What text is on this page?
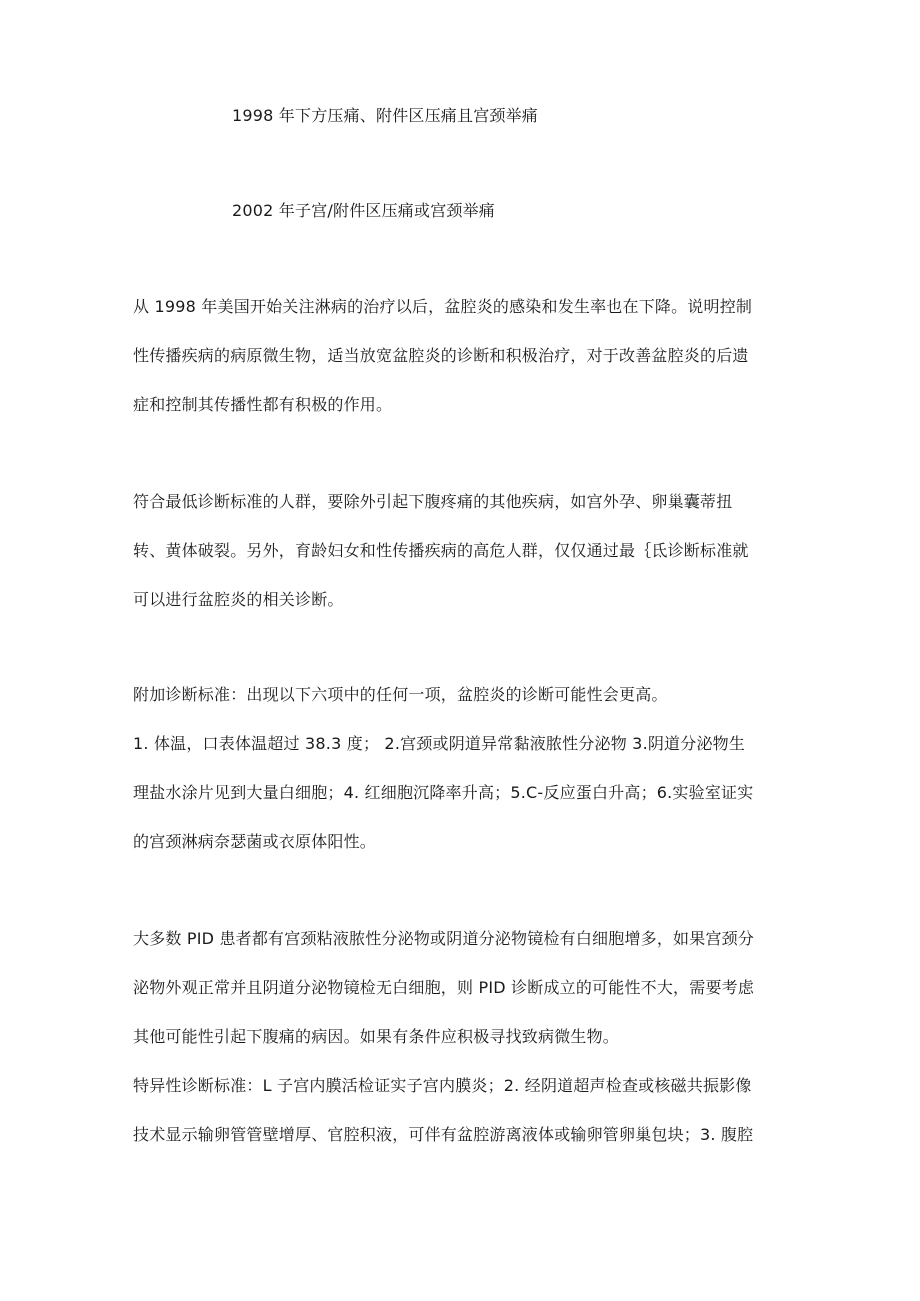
1998 年下方压痛、附件区压痛且宫颈举痛
2002 年子宫/附件区压痛或宫颈举痛
从 1998 年美国开始关注淋病的治疗以后，盆腔炎的感染和发生率也在下降。说明控制
性传播疾病的病原微生物，适当放宽盆腔炎的诊断和积极治疗，对于改善盆腔炎的后遗
症和控制其传播性都有积极的作用。
符合最低诊断标准的人群，要除外引起下腹疼痛的其他疾病，如宫外孕、卵巢囊蒂扭
转、黄体破裂。另外，育龄妇女和性传播疾病的高危人群，仅仅通过最｛氐诊断标准就
可以进行盆腔炎的相关诊断。
附加诊断标准：出现以下六项中的任何一项，盆腔炎的诊断可能性会更高。
1. 体温，口表体温超过 38.3 度； 2.宫颈或阴道异常黏液脓性分泌物 3.阴道分泌物生
理盐水涂片见到大量白细胞；4. 红细胞沉降率升高；5.C-反应蛋白升高；6.实验室证实
的宫颈淋病奈瑟菌或衣原体阳性。
大多数 PID 患者都有宫颈粘液脓性分泌物或阴道分泌物镜检有白细胞增多，如果宫颈分
泌物外观正常并且阴道分泌物镜检无白细胞，则 PID 诊断成立的可能性不大，需要考虑
其他可能性引起下腹痛的病因。如果有条件应积极寻找致病微生物。
特异性诊断标准：L 子宫内膜活检证实子宫内膜炎；2. 经阴道超声检查或核磁共振影像
技术显示输卵管管壁增厚、官腔积液，可伴有盆腔游离液体或输卵管卵巢包块；3. 腹腔
